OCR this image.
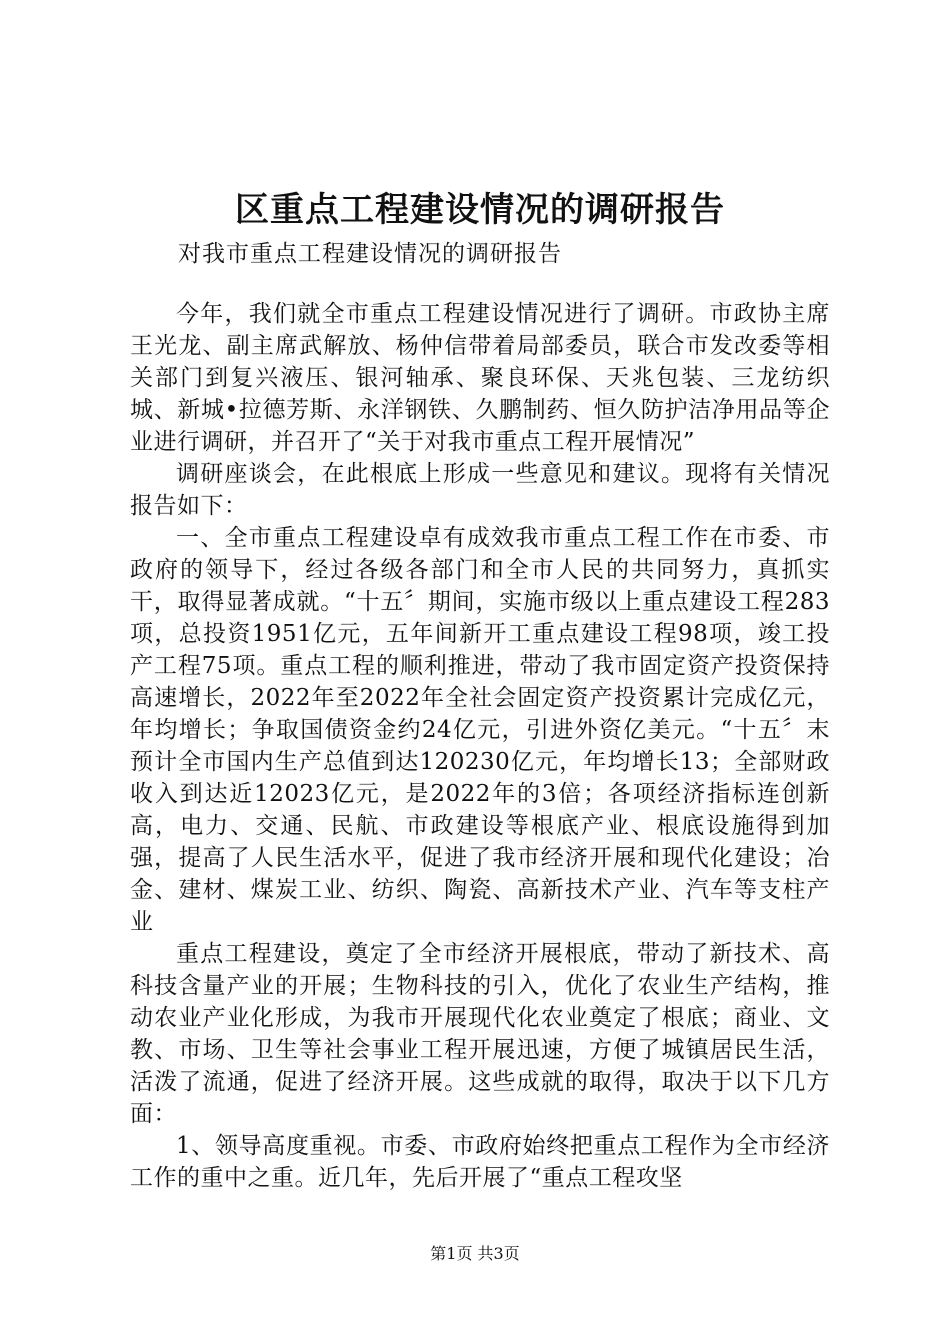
区重点工程建设情况的调研报告

对我市重点工程建设情况的调研报告

今年，我们就全市重点工程建设情况进行了调研。市政协主席王光龙、副主席武解放、杨仲信带着局部委员，联合市发改委等相关部门到复兴液压、银河轴承、聚良环保、天兆包装、三龙纺织城、新城•拉德芳斯、永洋钢铁、久鹏制药、恒久防护洁净用品等企业进行调研，并召开了“关于对我市重点工程开展情况”

调研座谈会，在此根底上形成一些意见和建议。现将有关情况报告如下：

一、全市重点工程建设卓有成效我市重点工程工作在市委、市政府的领导下，经过各级各部门和全市人民的共同努力，真抓实干，取得显著成就。“十五〞期间，实施市级以上重点建设工程283项，总投资1951亿元，五年间新开工重点建设工程98项，竣工投产工程75项。重点工程的顺利推进，带动了我市固定资产投资保持高速增长，2022年至2022年全社会固定资产投资累计完成亿元，年均增长；争取国债资金约24亿元，引进外资亿美元。“十五〞末预计全市国内生产总值到达120230亿元，年均增长13；全部财政收入到达近12023亿元，是2022年的3倍；各项经济指标连创新高，电力、交通、民航、市政建设等根底产业、根底设施得到加强，提高了人民生活水平，促进了我市经济开展和现代化建设；冶金、建材、煤炭工业、纺织、陶瓷、高新技术产业、汽车等支柱产业

重点工程建设，奠定了全市经济开展根底，带动了新技术、高科技含量产业的开展；生物科技的引入，优化了农业生产结构，推动农业产业化形成，为我市开展现代化农业奠定了根底；商业、文教、市场、卫生等社会事业工程开展迅速，方便了城镇居民生活，活泼了流通，促进了经济开展。这些成就的取得，取决于以下几方面：

1、领导高度重视。市委、市政府始终把重点工程作为全市经济工作的重中之重。近几年，先后开展了“重点工程攻坚

第1页 共3页
